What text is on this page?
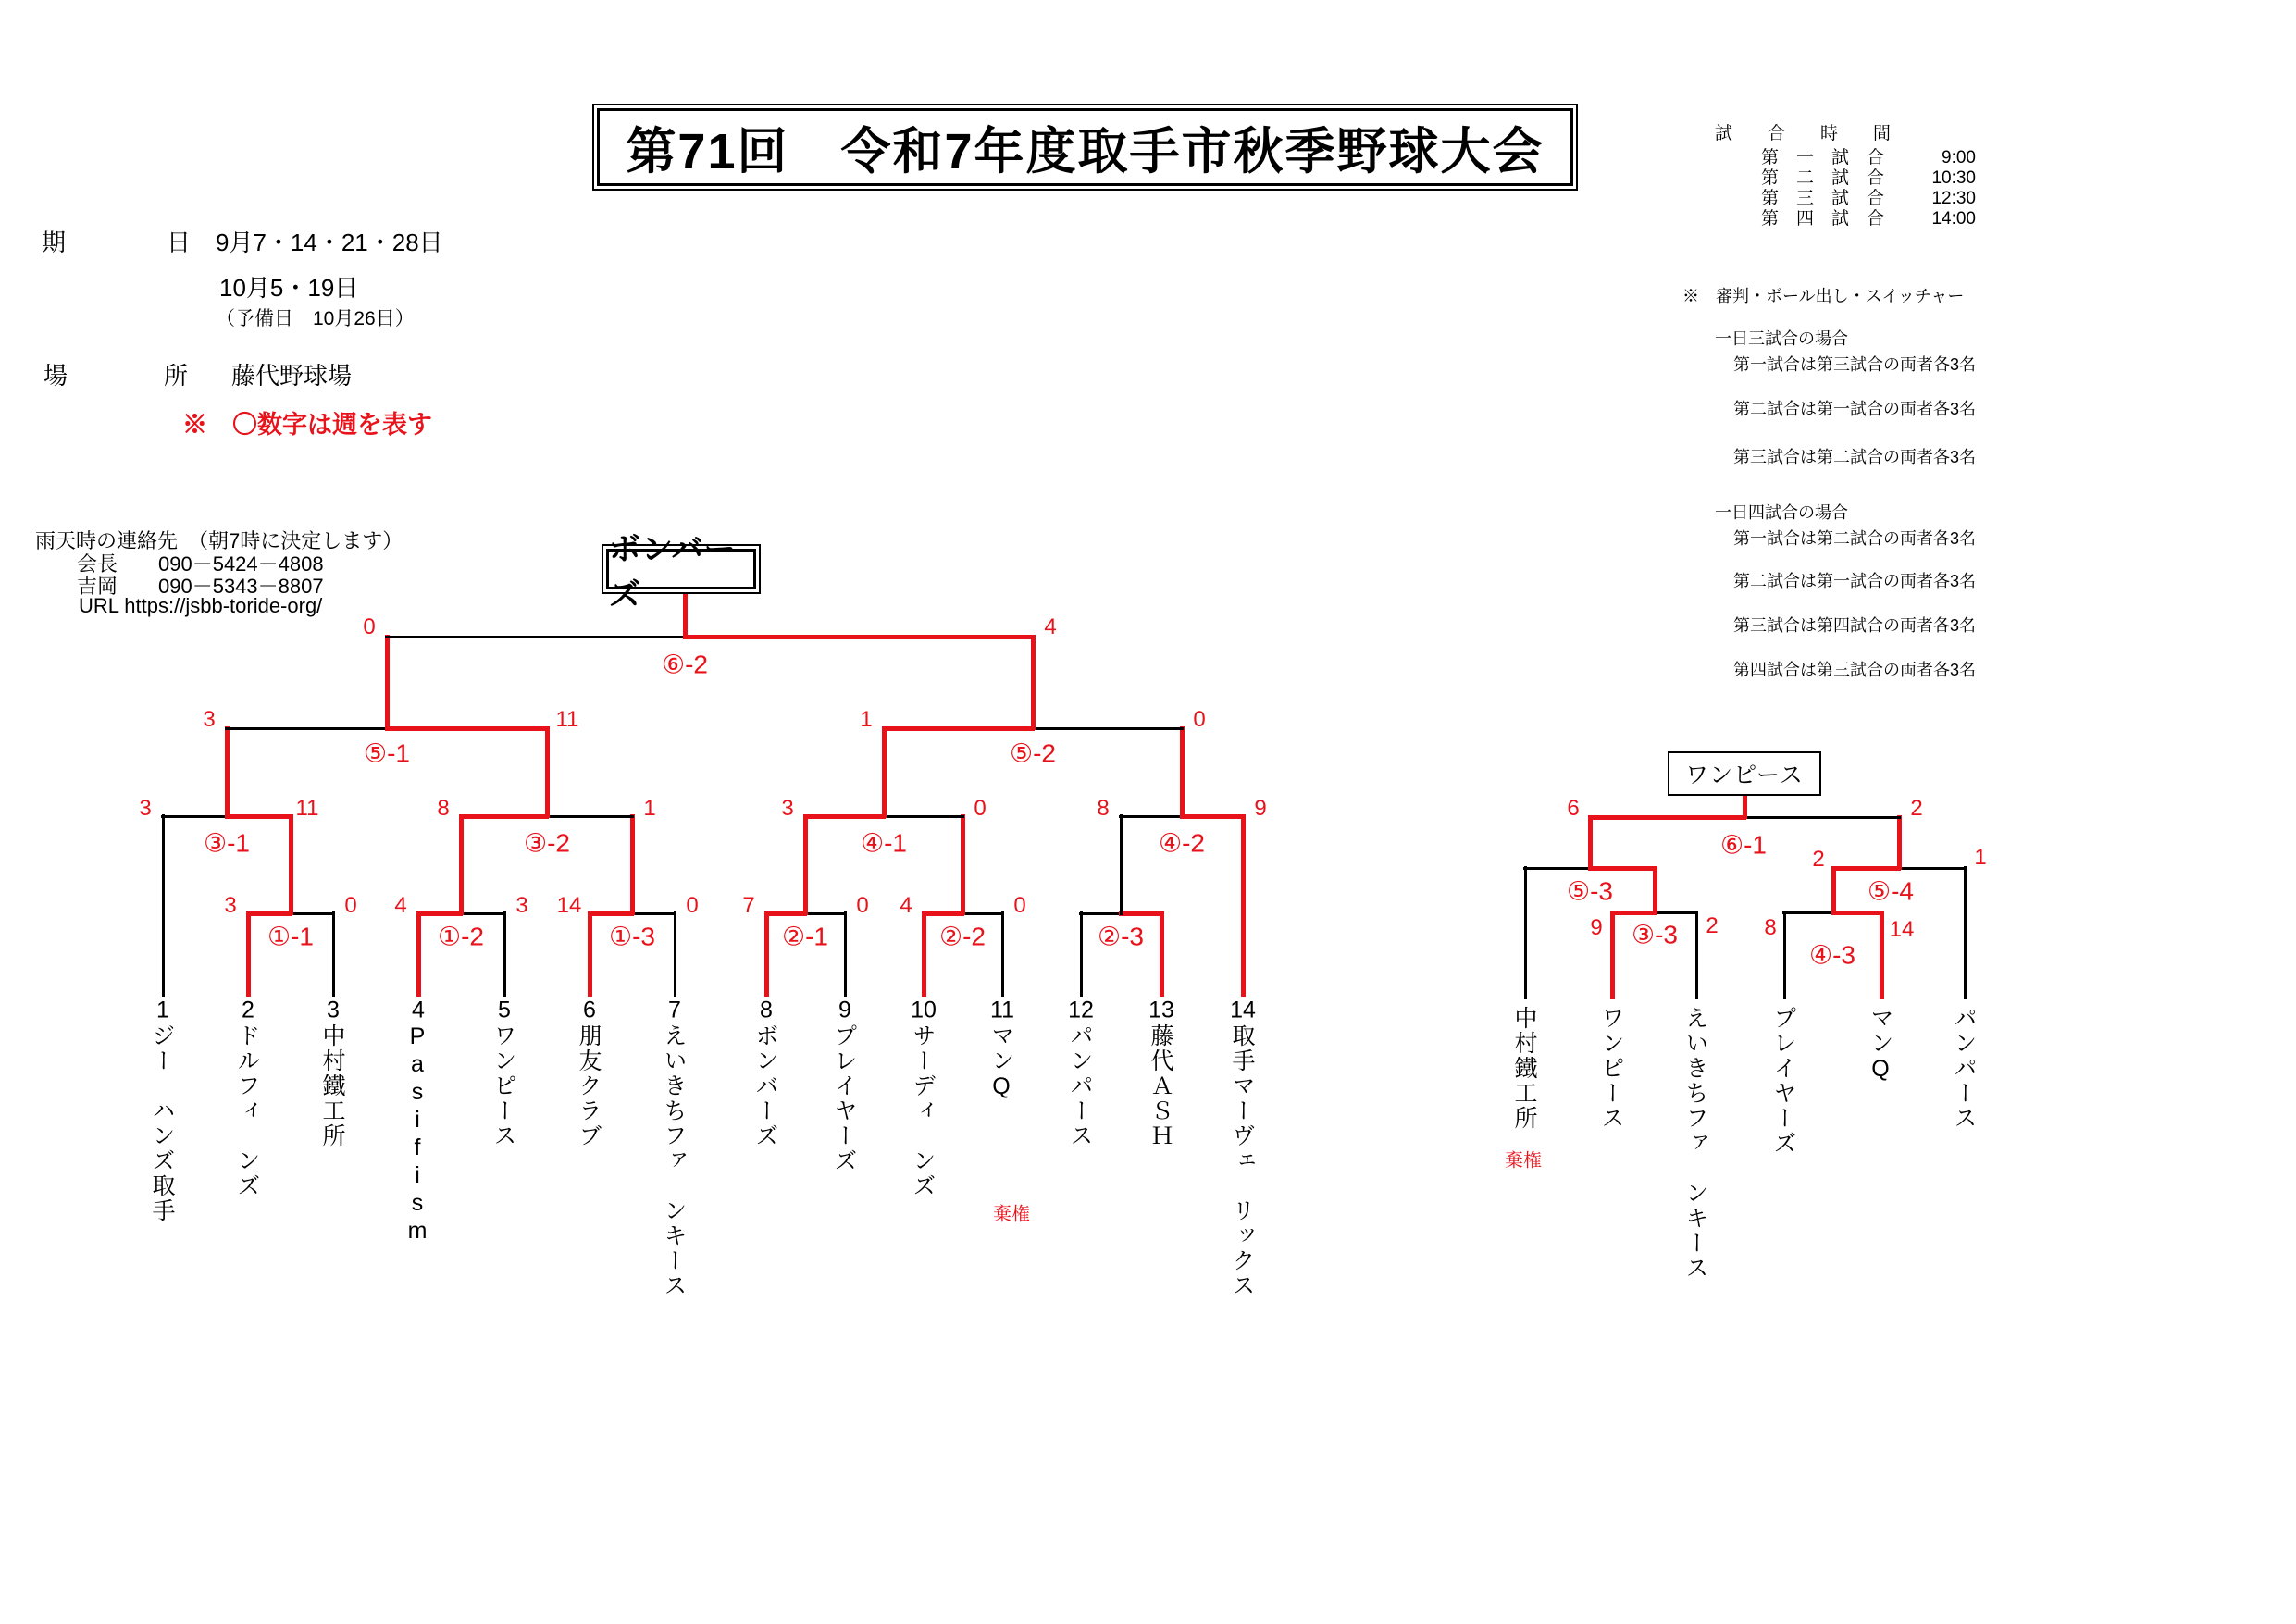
第71回　令和7年度取手市秋季野球大会	試　　合　　時　　間
第　一　試　合	9:00
第　二　試　合	10:30
第　三　試　合	12:30
第　四　試　合	14:00
※　 審判・ボール出し・スイッチャー
一日三試合の場合
第一試合は第三試合の両者各3名
第二試合は第一試合の両者各3名
第三試合は第二試合の両者各3名
一日四試合の場合
第一試合は第二試合の両者各3名
第二試合は第一試合の両者各3名
第三試合は第四試合の両者各3名
第四試合は第三試合の両者各3名
期	日 9月7・14・21・28日
10月5・19日
（予備日　10月26日）
場	所 藤代野球場
※　〇数字は週を表す
雨天時の連絡先　（朝7時に決定します）
会長　　090－5424－4808
吉岡　　090－5343－8807
URL https://jsbb-toride-org/
1
ジー　ハンズ取手
2
ドルフィ　ンズ
3
中村鐵工所
4
Pasifism
5
ワンピース
6
朋友クラブ
7
えいきちファ　ンキース
8
ボンバーズ
9
プレイヤーズ
10
サーディ　ンズ
11
マンQ
12
パンパース
13
藤代ＡＳＨ
14
取手マーヴェ　リックス
①-1
3	0
①-2
4	3
①-3
14	0
②-1
7	0
②-2
4	0
②-3
③-1
3	11
③-2
8	1
④-1
3	0
④-2
8	9
⑤-1
3	11
⑤-2
1	0
⑥-2
0	4
ボンバーズ
棄権
中村鐵工所	ワンピース	えいきちファ　ンキース	プレイヤーズ	マンQ パンパース
③-3
9	2
④-3
8	14
⑤-3	⑤-4
2	1
⑥-1
6	2
ワンピース
棄権
